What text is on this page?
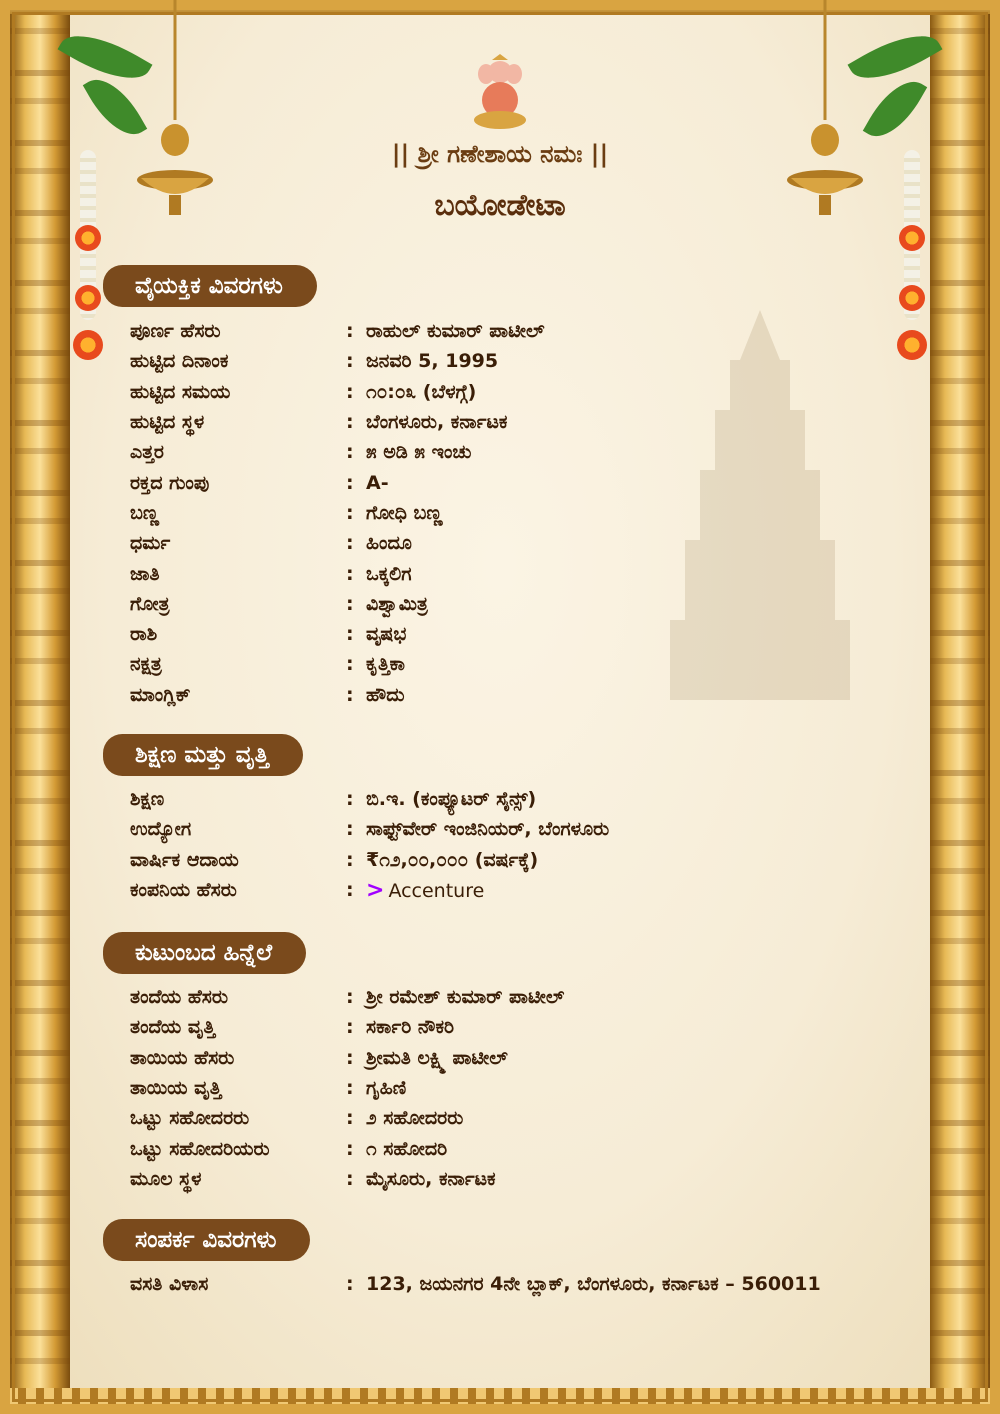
|| ಶ್ರೀ ಗಣೇಶಾಯ ನಮಃ ||
ಬಯೋಡೇಟಾ
ವೈಯಕ್ತಿಕ ವಿವರಗಳು
ಪೂರ್ಣ ಹೆಸರು	: ರಾಹುಲ್ ಕುಮಾರ್ ಪಾಟೀಲ್
ಹುಟ್ಟಿದ ದಿನಾಂಕ	: ಜನವರಿ 5, 1995
ಹುಟ್ಟಿದ ಸಮಯ	: ೧೦:೦೩ (ಬೆಳಗ್ಗೆ)
ಹುಟ್ಟಿದ ಸ್ಥಳ	: ಬೆಂಗಳೂರು, ಕರ್ನಾಟಕ
ಎತ್ತರ	: ೫ ಅಡಿ ೫ ಇಂಚು
ರಕ್ತದ ಗುಂಪು	: A-
ಬಣ್ಣ	: ಗೋಧಿ ಬಣ್ಣ
ಧರ್ಮ	: ಹಿಂದೂ
ಜಾತಿ	: ಒಕ್ಕಲಿಗ
ಗೋತ್ರ	: ವಿಶ್ವಾಮಿತ್ರ
ರಾಶಿ	: ವೃಷಭ
ನಕ್ಷತ್ರ	: ಕೃತ್ತಿಕಾ
ಮಾಂಗ್ಲಿಕ್	: ಹೌದು
ಶಿಕ್ಷಣ ಮತ್ತು ವೃತ್ತಿ
ಶಿಕ್ಷಣ	: ಬಿ.ಇ. (ಕಂಪ್ಯೂಟರ್ ಸೈನ್ಸ್)
ಉದ್ಯೋಗ	: ಸಾಫ್ಟ್‌ವೇರ್ ಇಂಜಿನಿಯರ್, ಬೆಂಗಳೂರು
ವಾರ್ಷಿಕ ಆದಾಯ	: ₹೧೨,೦೦,೦೦೦ (ವರ್ಷಕ್ಕೆ)
ಕಂಪನಿಯ ಹೆಸರು	: > Accenture
ಕುಟುಂಬದ ಹಿನ್ನೆಲೆ
ತಂದೆಯ ಹೆಸರು	: ಶ್ರೀ ರಮೇಶ್ ಕುಮಾರ್ ಪಾಟೀಲ್
ತಂದೆಯ ವೃತ್ತಿ	: ಸರ್ಕಾರಿ ನೌಕರಿ
ತಾಯಿಯ ಹೆಸರು	: ಶ್ರೀಮತಿ ಲಕ್ಷ್ಮಿ ಪಾಟೀಲ್
ತಾಯಿಯ ವೃತ್ತಿ	: ಗೃಹಿಣಿ
ಒಟ್ಟು ಸಹೋದರರು	: ೨ ಸಹೋದರರು
ಒಟ್ಟು ಸಹೋದರಿಯರು	: ೧ ಸಹೋದರಿ
ಮೂಲ ಸ್ಥಳ	: ಮೈಸೂರು, ಕರ್ನಾಟಕ
ಸಂಪರ್ಕ ವಿವರಗಳು
ವಸತಿ ವಿಳಾಸ	: 123, ಜಯನಗರ 4ನೇ ಬ್ಲಾಕ್, ಬೆಂಗಳೂರು, ಕರ್ನಾಟಕ – 560011
